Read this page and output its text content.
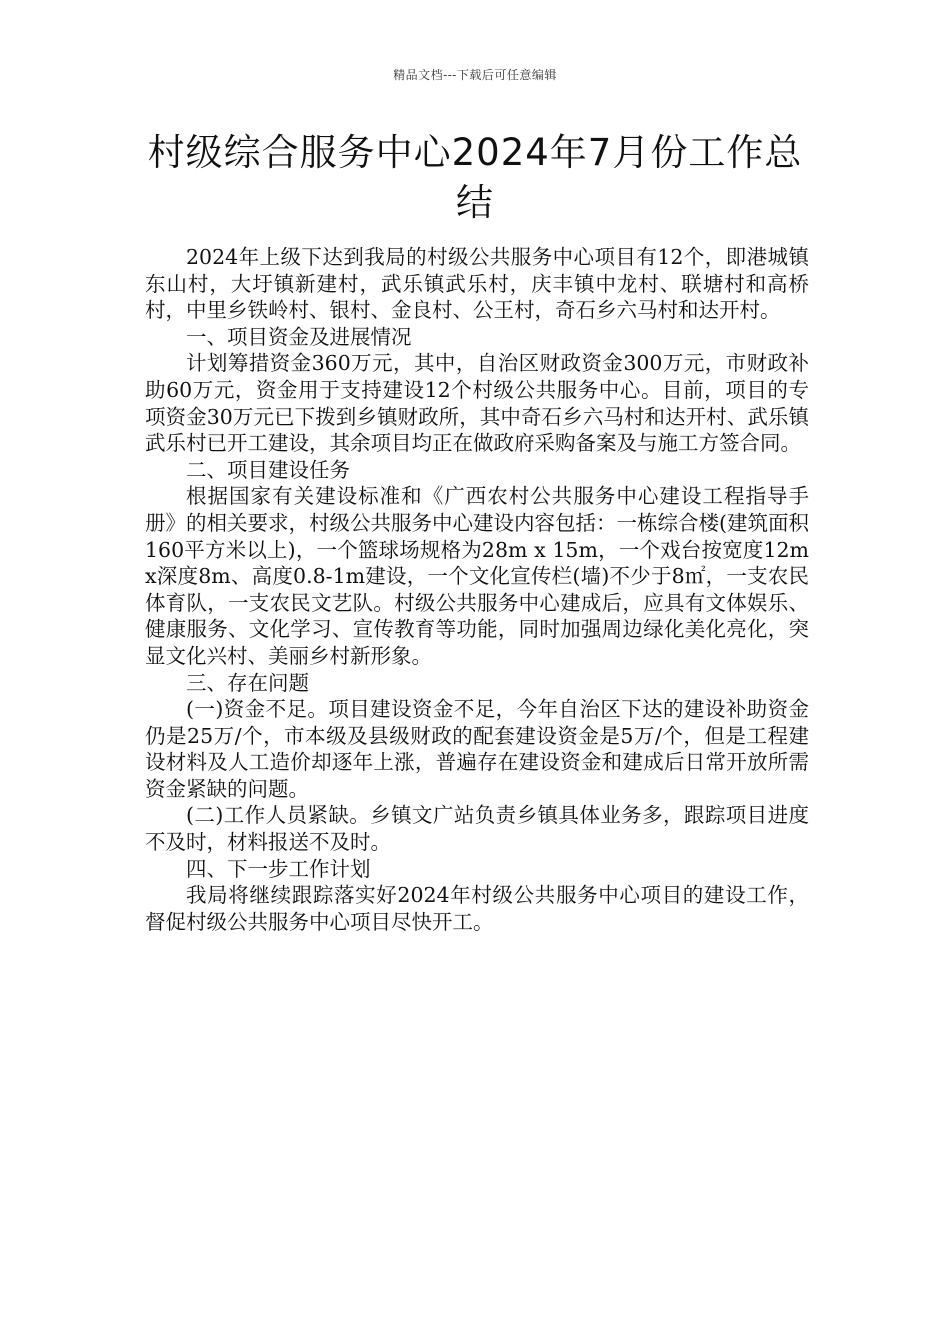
精品文档---下载后可任意编辑
村级综合服务中心2024年7月份工作总结

2024年上级下达到我局的村级公共服务中心项目有12个，即港城镇东山村，大圩镇新建村，武乐镇武乐村，庆丰镇中龙村、联塘村和高桥村，中里乡铁岭村、银村、金良村、公王村，奇石乡六马村和达开村。

一、项目资金及进展情况

计划筹措资金360万元，其中，自治区财政资金300万元，市财政补助60万元，资金用于支持建设12个村级公共服务中心。目前，项目的专项资金30万元已下拨到乡镇财政所，其中奇石乡六马村和达开村、武乐镇武乐村已开工建设，其余项目均正在做政府采购备案及与施工方签合同。

二、项目建设任务

根据国家有关建设标准和《广西农村公共服务中心建设工程指导手册》的相关要求，村级公共服务中心建设内容包括：一栋综合楼(建筑面积160平方米以上)，一个篮球场规格为28m x 15m，一个戏台按宽度12m x深度8m、高度0.8-1m建设，一个文化宣传栏(墙)不少于8㎡，一支农民体育队，一支农民文艺队。村级公共服务中心建成后，应具有文体娱乐、健康服务、文化学习、宣传教育等功能，同时加强周边绿化美化亮化，突显文化兴村、美丽乡村新形象。

三、存在问题

(一)资金不足。项目建设资金不足，今年自治区下达的建设补助资金仍是25万/个，市本级及县级财政的配套建设资金是5万/个，但是工程建设材料及人工造价却逐年上涨，普遍存在建设资金和建成后日常开放所需资金紧缺的问题。

(二)工作人员紧缺。乡镇文广站负责乡镇具体业务多，跟踪项目进度不及时，材料报送不及时。

四、下一步工作计划

我局将继续跟踪落实好2024年村级公共服务中心项目的建设工作，督促村级公共服务中心项目尽快开工。
